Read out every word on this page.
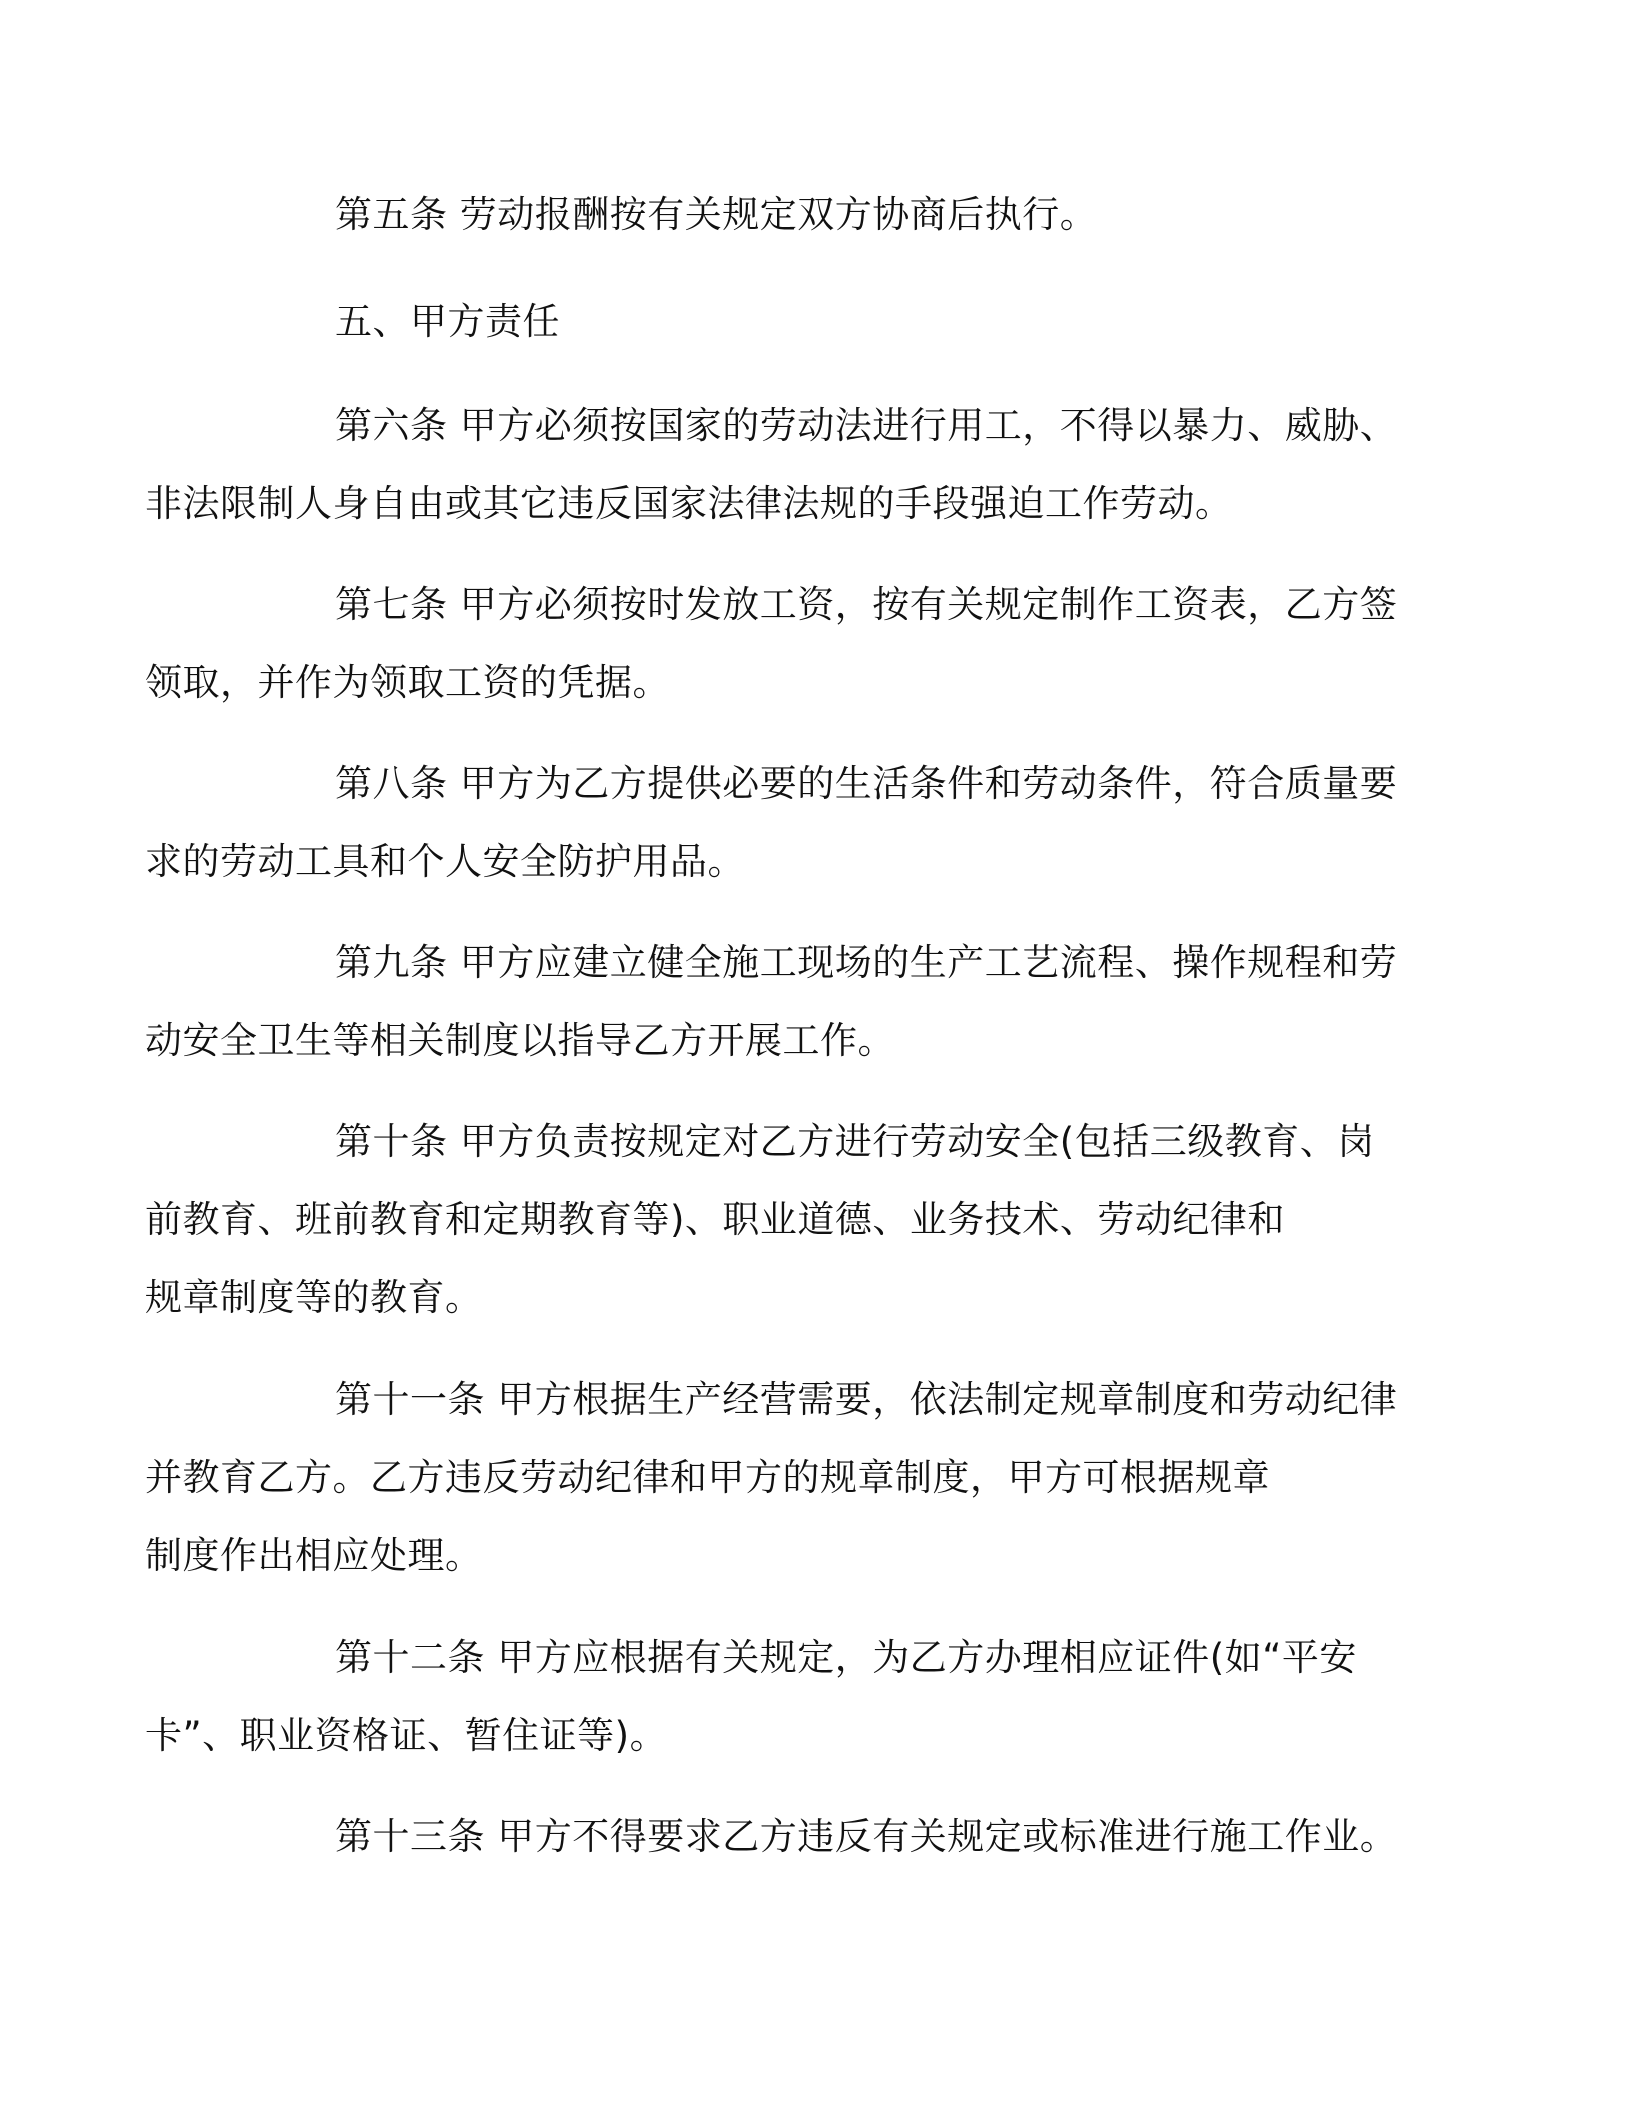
第五条 劳动报酬按有关规定双方协商后执行。

五、甲方责任

第六条 甲方必须按国家的劳动法进行用工，不得以暴力、威胁、
非法限制人身自由或其它违反国家法律法规的手段强迫工作劳动。

第七条 甲方必须按时发放工资，按有关规定制作工资表，乙方签
领取，并作为领取工资的凭据。

第八条 甲方为乙方提供必要的生活条件和劳动条件，符合质量要
求的劳动工具和个人安全防护用品。

第九条 甲方应建立健全施工现场的生产工艺流程、操作规程和劳
动安全卫生等相关制度以指导乙方开展工作。

第十条 甲方负责按规定对乙方进行劳动安全(包括三级教育、岗
前教育、班前教育和定期教育等)、职业道德、业务技术、劳动纪律和
规章制度等的教育。

第十一条 甲方根据生产经营需要，依法制定规章制度和劳动纪律
并教育乙方。乙方违反劳动纪律和甲方的规章制度，甲方可根据规章
制度作出相应处理。

第十二条 甲方应根据有关规定，为乙方办理相应证件(如“平安
卡”、职业资格证、暂住证等)。

第十三条 甲方不得要求乙方违反有关规定或标准进行施工作业。
